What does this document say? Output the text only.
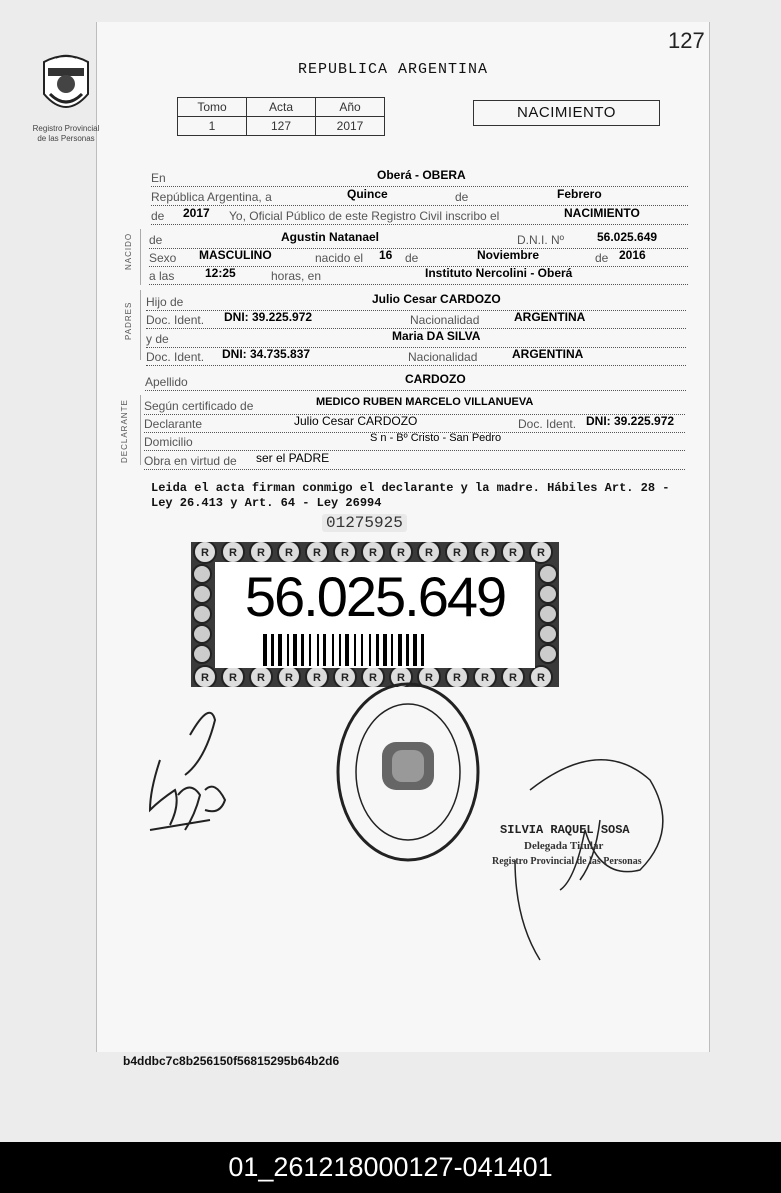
127
REPUBLICA ARGENTINA
Registro Provincial
de las Personas
Tomo	Acta	Año
1	127	2017
NACIMIENTO
NACIDO
PADRES
DECLARANTE
En	Oberá - OBERA
República Argentina, a	Quince	de	Febrero
de 2017 Yo, Oficial Público de este Registro Civil inscribo el	NACIMIENTO
de	Agustin Natanael	D.N.I. Nº	56.025.649
Sexo MASCULINO	nacido el 16 de	Noviembre	de 2016
a las	12:25	horas, en	Instituto Nercolini - Oberá
Hijo de	Julio Cesar CARDOZO
Doc. Ident. DNI: 39.225.972	Nacionalidad	ARGENTINA
y de	Maria DA SILVA
Doc. Ident. DNI: 34.735.837	Nacionalidad	ARGENTINA
Apellido	CARDOZO
Según certificado de	MEDICO RUBEN MARCELO VILLANUEVA
Declarante	Julio Cesar CARDOZO	Doc. Ident. DNI: 39.225.972
Domicilio	S n - Bº Cristo - San Pedro
Obra en virtud de ser el PADRE
Leida el acta firman conmigo el declarante y la madre. Hábiles Art. 28 - Ley 26.413 y Art. 64 - Ley 26994
01275925
R R R R R R R R R R R R R
R R R R R R R R R R R R R
56.025.649
SILVIA RAQUEL SOSA
Delegada Titular
Registro Provincial de las Personas
b4ddbc7c8b256150f56815295b64b2d6
01_261218000127-041401
